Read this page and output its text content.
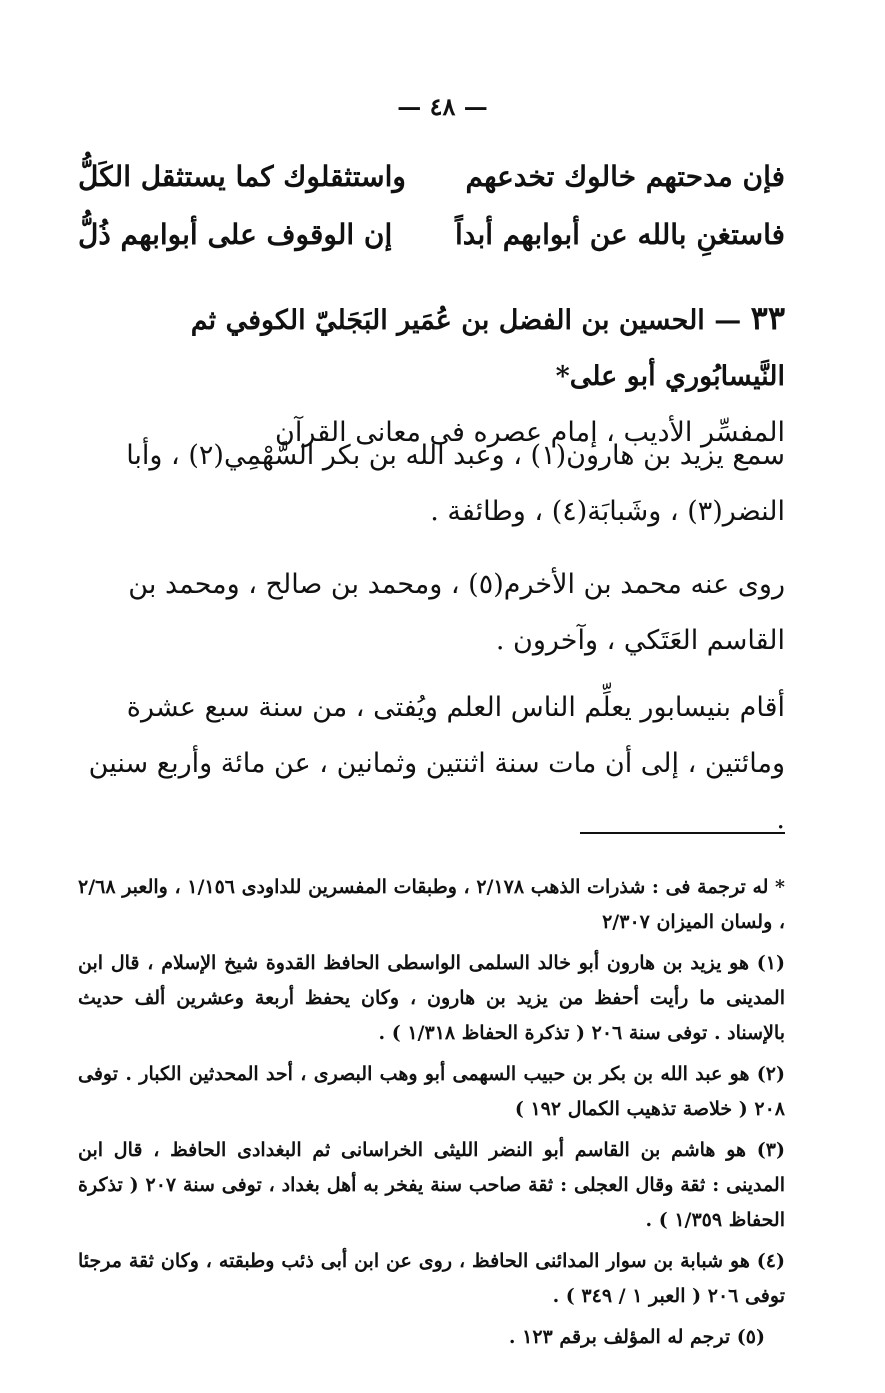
— ٤٨ —
فإن مدحتهم خالوك تخدعهم
واستثقلوك كما يستثقل الكَلُّ
فاستغنِ بالله عن أبوابهم أبداً
إن الوقوف على أبوابهم ذُلُّ
٣٣ — الحسين بن الفضل بن عُمَير البَجَليّ الكوفي ثم النَّيسابُوري أبو على*
المفسِّر الأديب ، إمام عصره فى معانى القرآن

سمع يزيد بن هارون(١) ، وعبد الله بن بكر السَّهْمِي(٢) ، وأبا النضر(٣) ، وشَبابَة(٤) ، وطائفة .

روى عنه محمد بن الأخرم(٥) ، ومحمد بن صالح ، ومحمد بن القاسم العَتَكي ، وآخرون .

أقام بنيسابور يعلِّم الناس العلم ويُفتى ، من سنة سبع عشرة ومائتين ، إلى أن مات سنة اثنتين وثمانين ، عن مائة وأربع سنين .

* له ترجمة فى : شذرات الذهب ٢/١٧٨ ، وطبقات المفسرين للداودى ١/١٥٦ ، والعبر ٢/٦٨ ، ولسان الميزان ٢/٣٠٧

(١) هو يزيد بن هارون أبو خالد السلمى الواسطى الحافظ القدوة شيخ الإسلام ، قال ابن المدينى ما رأيت أحفظ من يزيد بن هارون ، وكان يحفظ أربعة وعشرين ألف حديث بالإسناد . توفى سنة ٢٠٦ ( تذكرة الحفاظ ١/٣١٨ ) .

(٢) هو عبد الله بن بكر بن حبيب السهمى أبو وهب البصرى ، أحد المحدثين الكبار . توفى ٢٠٨ ( خلاصة تذهيب الكمال ١٩٢ )

(٣) هو هاشم بن القاسم أبو النضر الليثى الخراسانى ثم البغدادى الحافظ ، قال ابن المدينى : ثقة وقال العجلى : ثقة صاحب سنة يفخر به أهل بغداد ، توفى سنة ٢٠٧ ( تذكرة الحفاظ ١/٣٥٩ ) .

(٤) هو شبابة بن سوار المدائنى الحافظ ، روى عن ابن أبى ذئب وطبقته ، وكان ثقة مرجئا توفى ٢٠٦ ( العبر ١ / ٣٤٩ ) .

(٥) ترجم له المؤلف برقم ١٢٣ .
